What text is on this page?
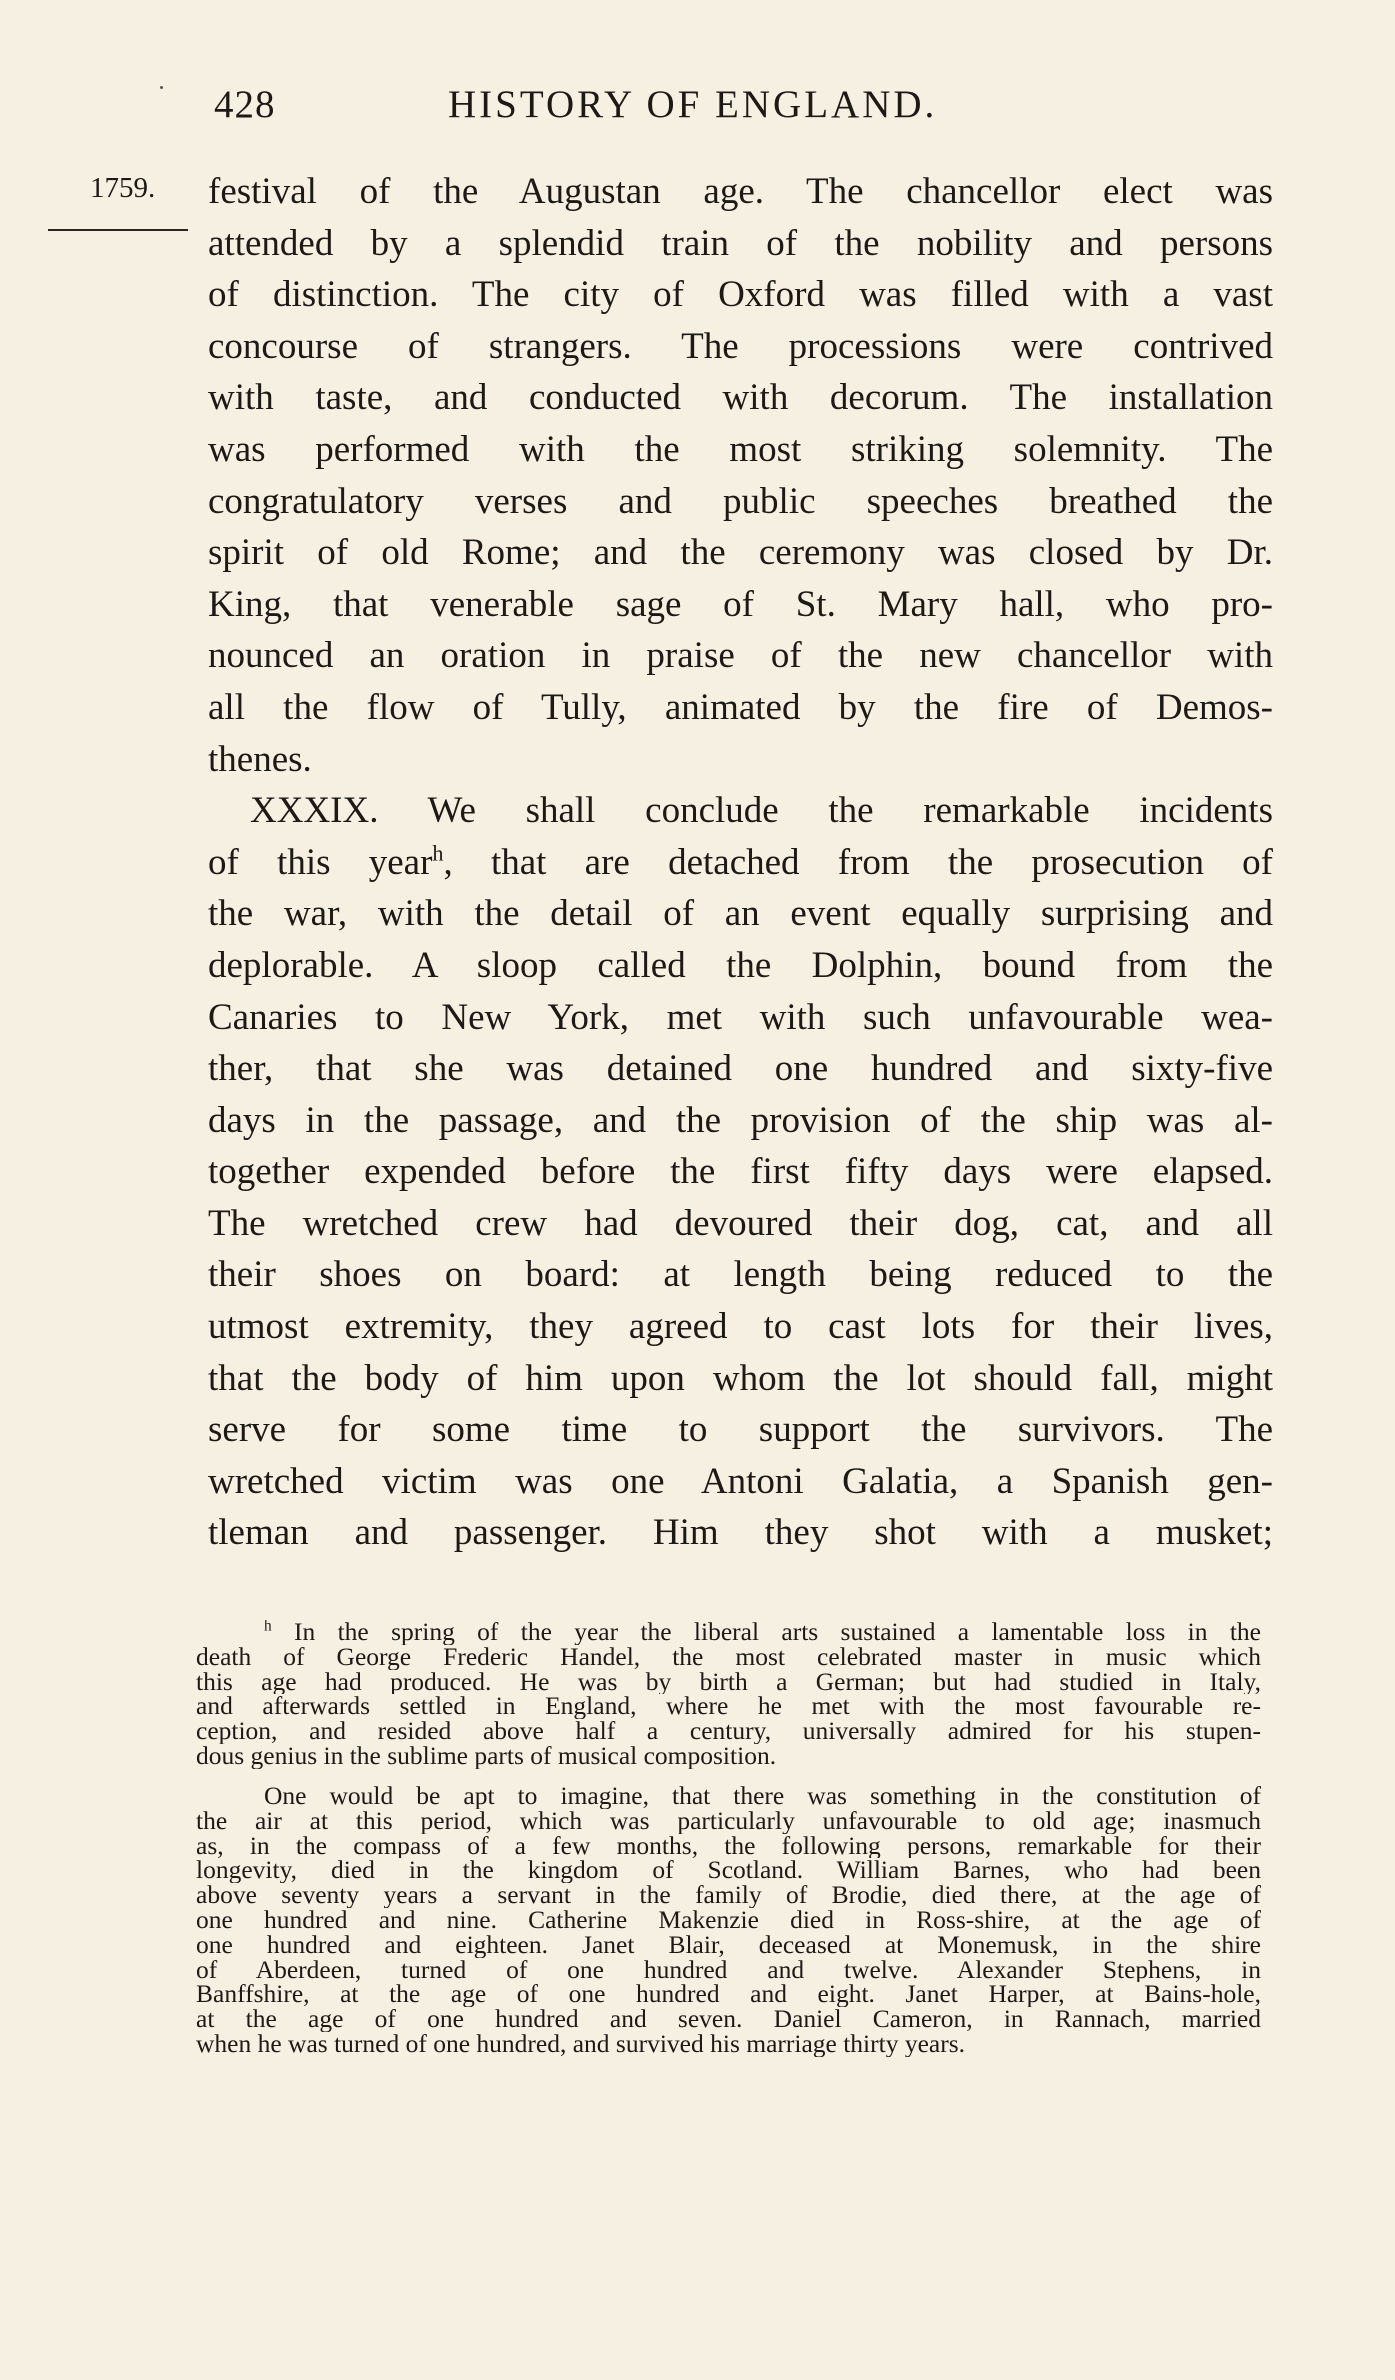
428	HISTORY OF ENGLAND.
1759. festival of the Augustan age. The chancellor elect was
attended by a splendid train of the nobility and persons
of distinction. The city of Oxford was filled with a vast
concourse of strangers. The processions were contrived
with taste, and conducted with decorum. The installation
was performed with the most striking solemnity. The
congratulatory verses and public speeches breathed the
spirit of old Rome; and the ceremony was closed by Dr.
King, that venerable sage of St. Mary hall, who pro-
nounced an oration in praise of the new chancellor with
all the flow of Tully, animated by the fire of Demos-
thenes.
XXXIX. We shall conclude the remarkable incidents
of this year$^h$, that are detached from the prosecution of
the war, with the detail of an event equally surprising and
deplorable. A sloop called the Dolphin, bound from the
Canaries to New York, met with such unfavourable wea-
ther, that she was detained one hundred and sixty-five
days in the passage, and the provision of the ship was al-
together expended before the first fifty days were elapsed.
The wretched crew had devoured their dog, cat, and all
their shoes on board: at length being reduced to the
utmost extremity, they agreed to cast lots for their lives,
that the body of him upon whom the lot should fall, might
serve for some time to support the survivors. The
wretched victim was one Antoni Galatia, a Spanish gen-
tleman and passenger. Him they shot with a musket;
$^h$ In the spring of the year the liberal arts sustained a lamentable loss in the
death of George Frederic Handel, the most celebrated master in music which
this age had produced. He was by birth a German; but had studied in Italy,
and afterwards settled in England, where he met with the most favourable re-
ception, and resided above half a century, universally admired for his stupen-
dous genius in the sublime parts of musical composition.
One would be apt to imagine, that there was something in the constitution of
the air at this period, which was particularly unfavourable to old age; inasmuch
as, in the compass of a few months, the following persons, remarkable for their
longevity, died in the kingdom of Scotland. William Barnes, who had been
above seventy years a servant in the family of Brodie, died there, at the age of
one hundred and nine. Catherine Makenzie died in Ross-shire, at the age of
one hundred and eighteen. Janet Blair, deceased at Monemusk, in the shire
of Aberdeen, turned of one hundred and twelve. Alexander Stephens, in
Banffshire, at the age of one hundred and eight. Janet Harper, at Bains-hole,
at the age of one hundred and seven. Daniel Cameron, in Rannach, married
when he was turned of one hundred, and survived his marriage thirty years.
